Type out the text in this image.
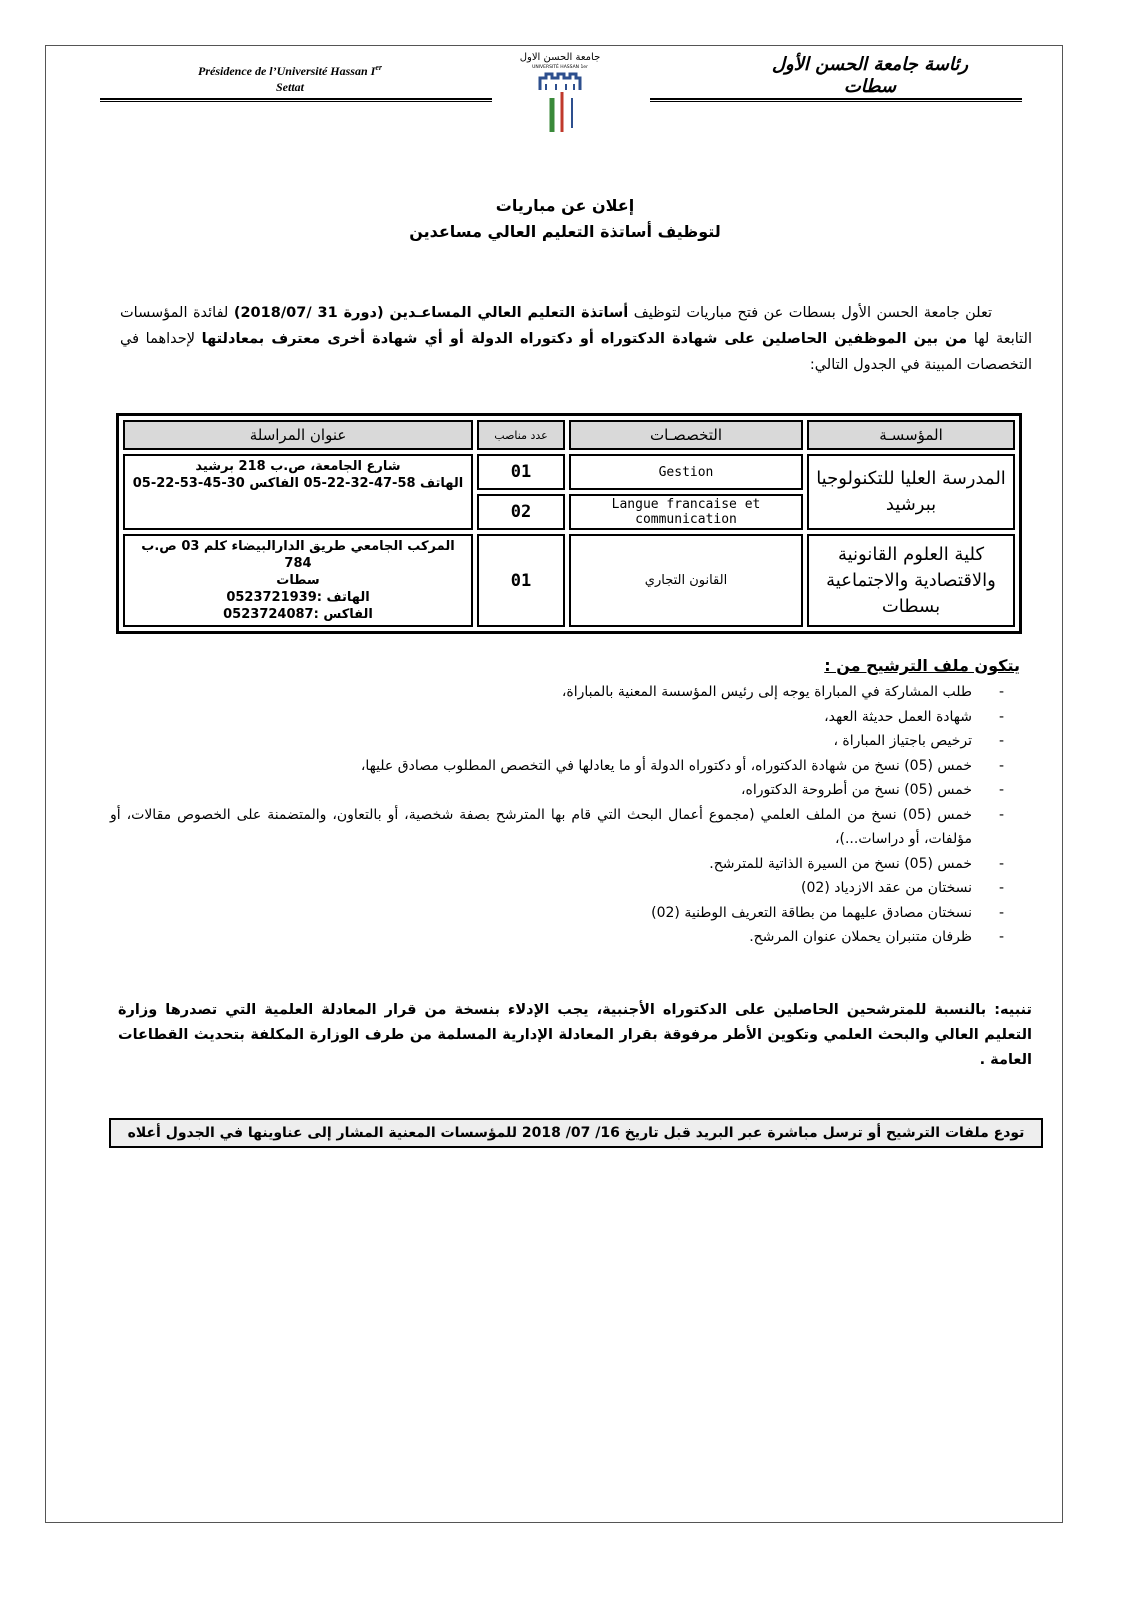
Présidence de l’Université Hassan Ier
Settat
جامعة الحسن الاول
UNIVERSITÉ HASSAN 1er	رئاسة جامعة الحسن الأول
سطات
إعلان عن مباريات
لتوظيف أساتذة التعليم العالي مساعدين
تعلن جامعة الحسن الأول بسطات عن فتح مباريات لتوظيف أساتذة التعليم العالي المساعـدين (دورة 31 /2018/07) لفائدة المؤسسات التابعة لها من بين الموظفين الحاصلين على شهادة الدكتوراه أو دكتوراه الدولة أو أي شهادة أخرى معترف بمعادلتها لإحداهما في التخصصات المبينة في الجدول التالي:
المؤسسـة	التخصصـات	عدد مناصب	عنوان المراسلة
المدرسة العليا للتكنولوجيا ببرشيد	Gestion	01	شارع الجامعة، ص.ب 218 برشيد
الهاتف 58-47-32-22-05 الفاكس 30-45-53-22-05

	Langue francaise et communication	02	
كلية العلوم القانونية والاقتصادية والاجتماعية بسطات	القانون التجاري	01	المركب الجامعي طريق الدارالبيضاء كلم 03 ص.ب 784
سطات
الهاتف :0523721939
الفاكس :0523724087
يتكون ملف الترشيح من :
-
طلب المشاركة في المباراة يوجه إلى رئيس المؤسسة المعنية بالمباراة،
-
شهادة العمل حديثة العهد،
-
ترخيص باجتياز المباراة ،
-
خمس (05) نسخ من شهادة الدكتوراه، أو دكتوراه الدولة أو ما يعادلها في التخصص المطلوب مصادق عليها،
-
خمس (05) نسخ من أطروحة الدكتوراه،
-
خمس (05) نسخ من الملف العلمي (مجموع أعمال البحث التي قام بها المترشح بصفة شخصية، أو بالتعاون، والمتضمنة على الخصوص مقالات، أو مؤلفات، أو دراسات...)،
-
خمس (05) نسخ من السيرة الذاتية للمترشح.
-
نسختان من عقد الازدياد (02)
-
نسختان مصادق عليهما من بطاقة التعريف الوطنية (02)
-
ظرفان متنبران يحملان عنوان المرشح.
تنبيه: بالنسبة للمترشحين الحاصلين على الدكتوراه الأجنبية، يجب الإدلاء بنسخة من قرار المعادلة العلمية التي تصدرها وزارة التعليم العالي والبحث العلمي وتكوين الأطر مرفوقة بقرار المعادلة الإدارية المسلمة من طرف الوزارة المكلفة بتحديث القطاعات العامة .
تودع ملفات الترشيح أو ترسل مباشرة عبر البريد قبل تاريخ 16/ 07/ 2018 للمؤسسات المعنية المشار إلى عناوينها في الجدول أعلاه
